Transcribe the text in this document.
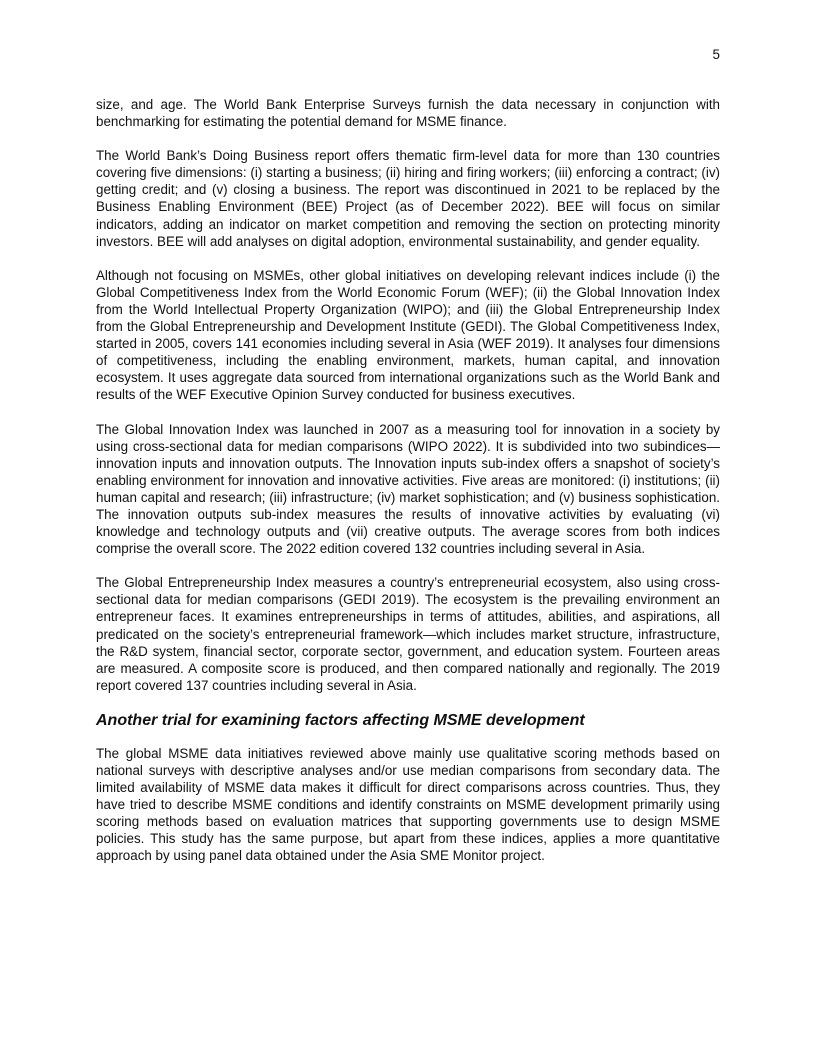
5

size, and age. The World Bank Enterprise Surveys furnish the data necessary in conjunction with benchmarking for estimating the potential demand for MSME finance.

The World Bank’s Doing Business report offers thematic firm-level data for more than 130 countries covering five dimensions: (i) starting a business; (ii) hiring and firing workers; (iii) enforcing a contract; (iv) getting credit; and (v) closing a business. The report was discontinued in 2021 to be replaced by the Business Enabling Environment (BEE) Project (as of December 2022). BEE will focus on similar indicators, adding an indicator on market competition and removing the section on protecting minority investors. BEE will add analyses on digital adoption, environmental sustainability, and gender equality.

Although not focusing on MSMEs, other global initiatives on developing relevant indices include (i) the Global Competitiveness Index from the World Economic Forum (WEF); (ii) the Global Innovation Index from the World Intellectual Property Organization (WIPO); and (iii) the Global Entrepreneurship Index from the Global Entrepreneurship and Development Institute (GEDI). The Global Competitiveness Index, started in 2005, covers 141 economies including several in Asia (WEF 2019). It analyses four dimensions of competitiveness, including the enabling environment, markets, human capital, and innovation ecosystem. It uses aggregate data sourced from international organizations such as the World Bank and results of the WEF Executive Opinion Survey conducted for business executives.

The Global Innovation Index was launched in 2007 as a measuring tool for innovation in a society by using cross-sectional data for median comparisons (WIPO 2022). It is subdivided into two subindices—innovation inputs and innovation outputs. The Innovation inputs sub-index offers a snapshot of society’s enabling environment for innovation and innovative activities. Five areas are monitored: (i) institutions; (ii) human capital and research; (iii) infrastructure; (iv) market sophistication; and (v) business sophistication. The innovation outputs sub-index measures the results of innovative activities by evaluating (vi) knowledge and technology outputs and (vii) creative outputs. The average scores from both indices comprise the overall score. The 2022 edition covered 132 countries including several in Asia.

The Global Entrepreneurship Index measures a country’s entrepreneurial ecosystem, also using cross-sectional data for median comparisons (GEDI 2019). The ecosystem is the prevailing environment an entrepreneur faces. It examines entrepreneurships in terms of attitudes, abilities, and aspirations, all predicated on the society’s entrepreneurial framework—which includes market structure, infrastructure, the R&D system, financial sector, corporate sector, government, and education system. Fourteen areas are measured. A composite score is produced, and then compared nationally and regionally. The 2019 report covered 137 countries including several in Asia.

Another trial for examining factors affecting MSME development

The global MSME data initiatives reviewed above mainly use qualitative scoring methods based on national surveys with descriptive analyses and/or use median comparisons from secondary data. The limited availability of MSME data makes it difficult for direct comparisons across countries. Thus, they have tried to describe MSME conditions and identify constraints on MSME development primarily using scoring methods based on evaluation matrices that supporting governments use to design MSME policies. This study has the same purpose, but apart from these indices, applies a more quantitative approach by using panel data obtained under the Asia SME Monitor project.
